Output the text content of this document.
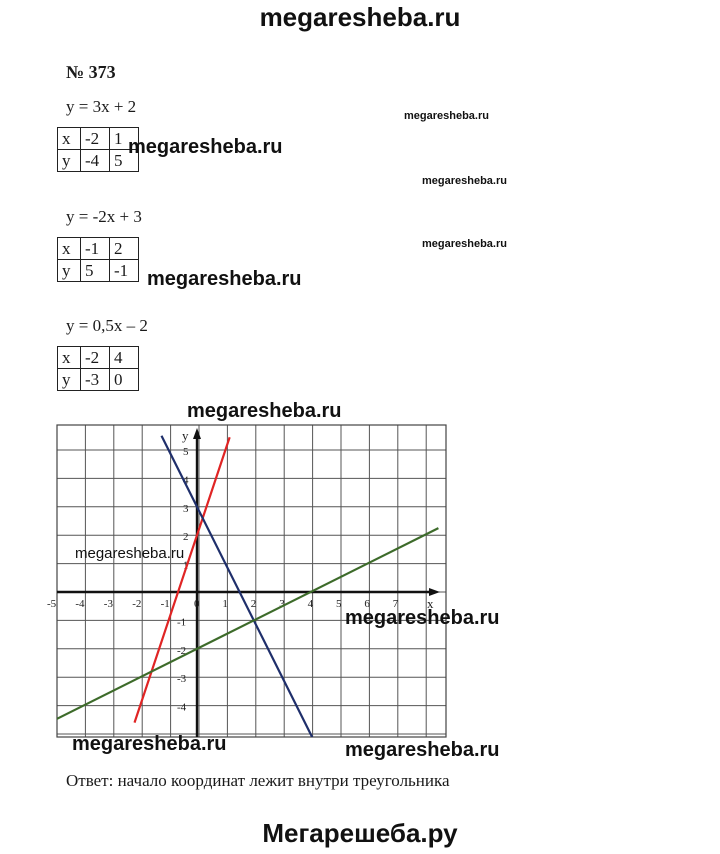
megaresheba.ru
№ 373
y = 3x + 2
x	-2	1
y	-4	5
y = -2x + 3
x	-1	2
y	5	-1
y = 0,5x – 2
x	-2	4
y	-3	0
x
y
-5 -4 -3 -2 -1 0 1 2 3 4 5 6 7
5
4
3
2
1
-1
-2
-3
-4
megaresheba.ru
megaresheba.ru
megaresheba.ru
megaresheba.ru
megaresheba.ru
megaresheba.ru
megaresheba.ru
megaresheba.ru
megaresheba.ru	megaresheba.ru
Ответ: начало координат лежит внутри треугольника
Мегарешеба.ру
